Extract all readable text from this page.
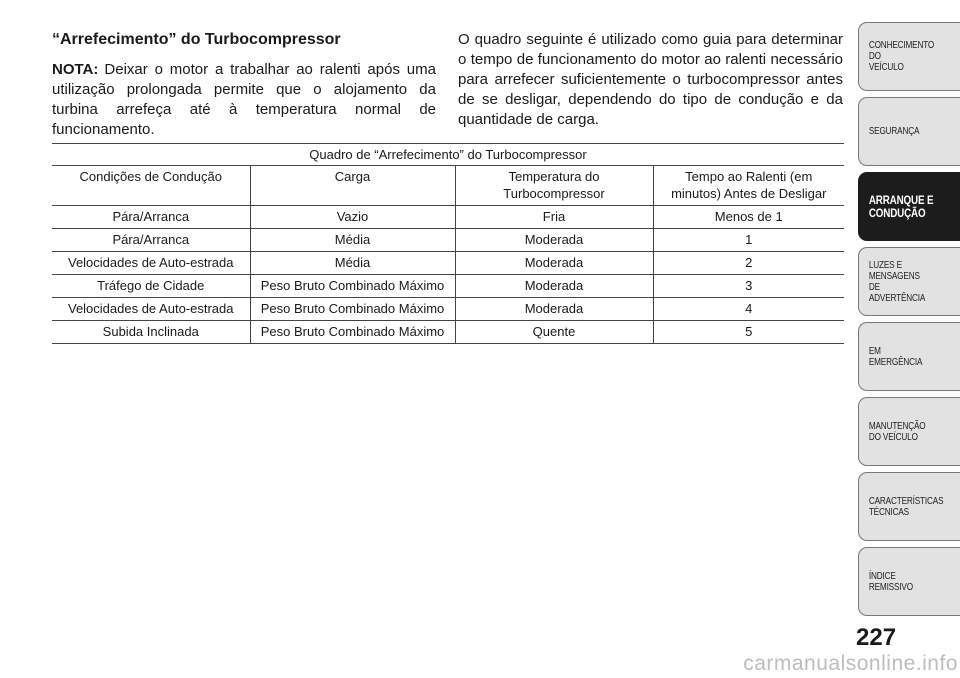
“Arrefecimento” do Turbocompressor

NOTA: Deixar o motor a trabalhar ao ralenti após uma utilização prolongada permite que o alojamento da turbina arrefeça até à temperatura normal de funcionamento.

O quadro seguinte é utilizado como guia para determinar o tempo de funcionamento do motor ao ralenti necessário para arrefecer suficientemente o turbocompressor antes de se desligar, dependendo do tipo de condução e da quantidade de carga.

Quadro de “Arrefecimento” do Turbocompressor			
Condições de Condução	Carga	Temperatura do Turbocompressor	Tempo ao Ralenti (em minutos) Antes de Desligar
Pára/Arranca	Vazio	Fria	Menos de 1
Pára/Arranca	Média	Moderada	1
Velocidades de Auto-estrada	Média	Moderada	2
Tráfego de Cidade	Peso Bruto Combinado Máximo	Moderada	3
Velocidades de Auto-estrada	Peso Bruto Combinado Máximo	Moderada	4
Subida Inclinada	Peso Bruto Combinado Máximo	Quente	5
CONHECIMENTO
DO
VEÍCULO
SEGURANÇA
ARRANQUE E
CONDUÇÃO
LUZES E
MENSAGENS
DE
ADVERTÊNCIA
EM
EMERGÊNCIA
MANUTENÇÃO
DO VEÍCULO
CARACTERÍSTICAS
TÉCNICAS
ÍNDICE
REMISSIVO
227
carmanualsonline.info
